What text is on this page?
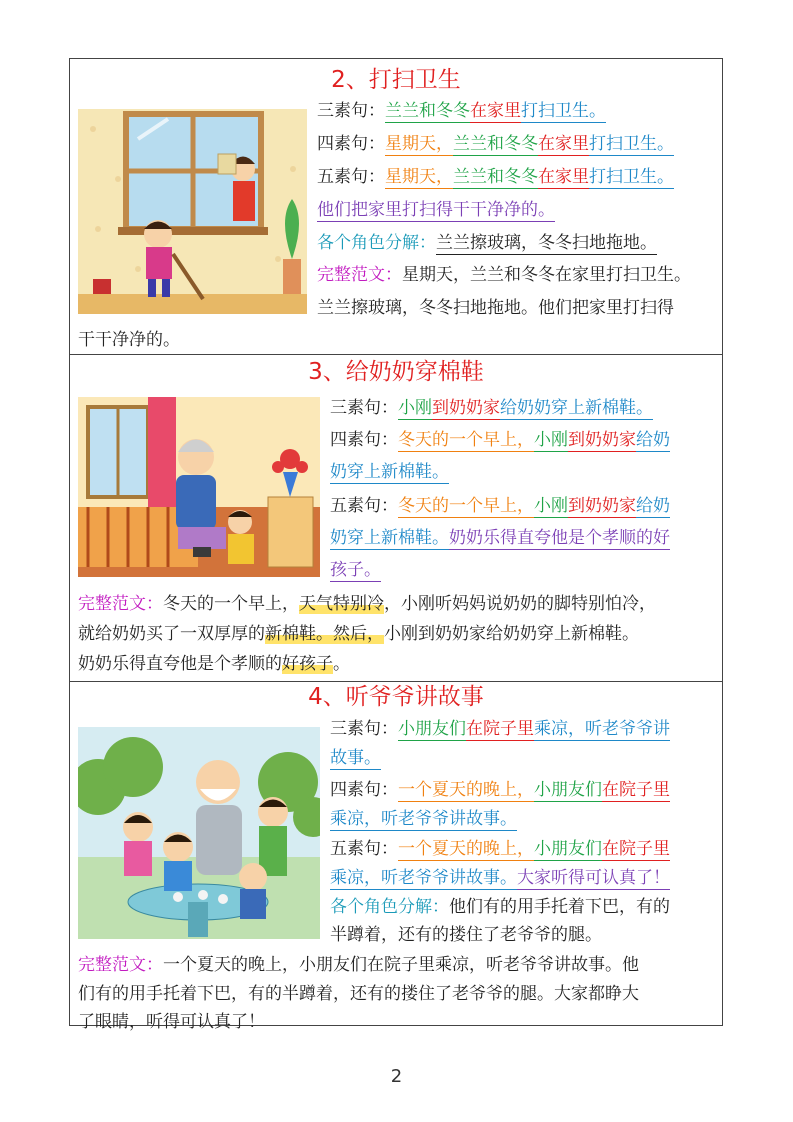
2、打扫卫生
三素句：兰兰和冬冬在家里打扫卫生。
四素句：星期天，兰兰和冬冬在家里打扫卫生。
五素句：星期天，兰兰和冬冬在家里打扫卫生。
他们把家里打扫得干干净净的。
各个角色分解：兰兰擦玻璃，冬冬扫地拖地。
完整范文：星期天，兰兰和冬冬在家里打扫卫生。
兰兰擦玻璃，冬冬扫地拖地。他们把家里打扫得
干干净净的。
3、给奶奶穿棉鞋
三素句：小刚到奶奶家给奶奶穿上新棉鞋。
四素句：冬天的一个早上，小刚到奶奶家给奶
奶穿上新棉鞋。
五素句：冬天的一个早上，小刚到奶奶家给奶
奶穿上新棉鞋。奶奶乐得直夸他是个孝顺的好
孩子。
完整范文：冬天的一个早上，天气特别冷，小刚听妈妈说奶奶的脚特别怕冷，
就给奶奶买了一双厚厚的新棉鞋。然后，小刚到奶奶家给奶奶穿上新棉鞋。
奶奶乐得直夸他是个孝顺的好孩子。
4、听爷爷讲故事
三素句：小朋友们在院子里乘凉，听老爷爷讲
故事。
四素句：一个夏天的晚上，小朋友们在院子里
乘凉，听老爷爷讲故事。
五素句：一个夏天的晚上，小朋友们在院子里
乘凉，听老爷爷讲故事。大家听得可认真了！
各个角色分解：他们有的用手托着下巴，有的
半蹲着，还有的搂住了老爷爷的腿。
完整范文：一个夏天的晚上，小朋友们在院子里乘凉，听老爷爷讲故事。他
们有的用手托着下巴，有的半蹲着，还有的搂住了老爷爷的腿。大家都睁大
了眼睛，听得可认真了！
2
